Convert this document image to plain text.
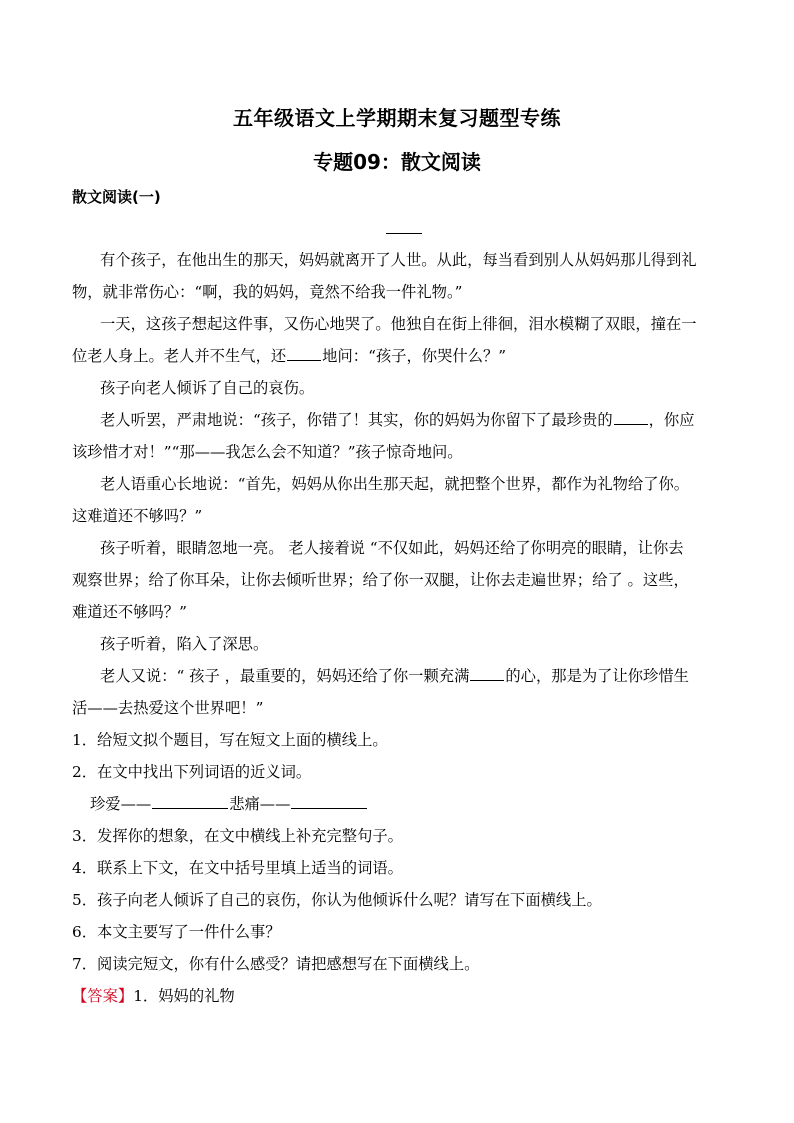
五年级语文上学期期末复习题型专练
专题09：散文阅读
散文阅读(一)
有个孩子，在他出生的那天，妈妈就离开了人世。从此，每当看到别人从妈妈那儿得到礼
物，就非常伤心：“啊，我的妈妈，竟然不给我一件礼物。”
一天，这孩子想起这件事，又伤心地哭了。他独自在街上徘徊，泪水模糊了双眼，撞在一
位老人身上。老人并不生气，还 地问：“孩子，你哭什么？”
孩子向老人倾诉了自己的哀伤。
老人听罢，严肃地说：“孩子，你错了！其实，你的妈妈为你留下了最珍贵的 ，你应
该珍惜才对！”“那——我怎么会不知道？”孩子惊奇地问。
老人语重心长地说：“首先，妈妈从你出生那天起，就把整个世界，都作为礼物给了你。
这难道还不够吗？”
孩子听着，眼睛忽地一亮。 老人接着说 “不仅如此，妈妈还给了你明亮的眼睛，让你去
观察世界；给了你耳朵，让你去倾听世界；给了你一双腿，让你去走遍世界；给了 。这些，
难道还不够吗？”
孩子听着，陷入了深思。
老人又说：“ 孩子 ，最重要的，妈妈还给了你一颗充满 的心，那是为了让你珍惜生
活——去热爱这个世界吧！”
1．给短文拟个题目，写在短文上面的横线上。
2．在文中找出下列词语的近义词。
珍爱——	悲痛——
3．发挥你的想象，在文中横线上补充完整句子。
4．联系上下文，在文中括号里填上适当的词语。
5．孩子向老人倾诉了自己的哀伤，你认为他倾诉什么呢？请写在下面横线上。
6．本文主要写了一件什么事？
7．阅读完短文，你有什么感受？请把感想写在下面横线上。
【答案】1．妈妈的礼物
